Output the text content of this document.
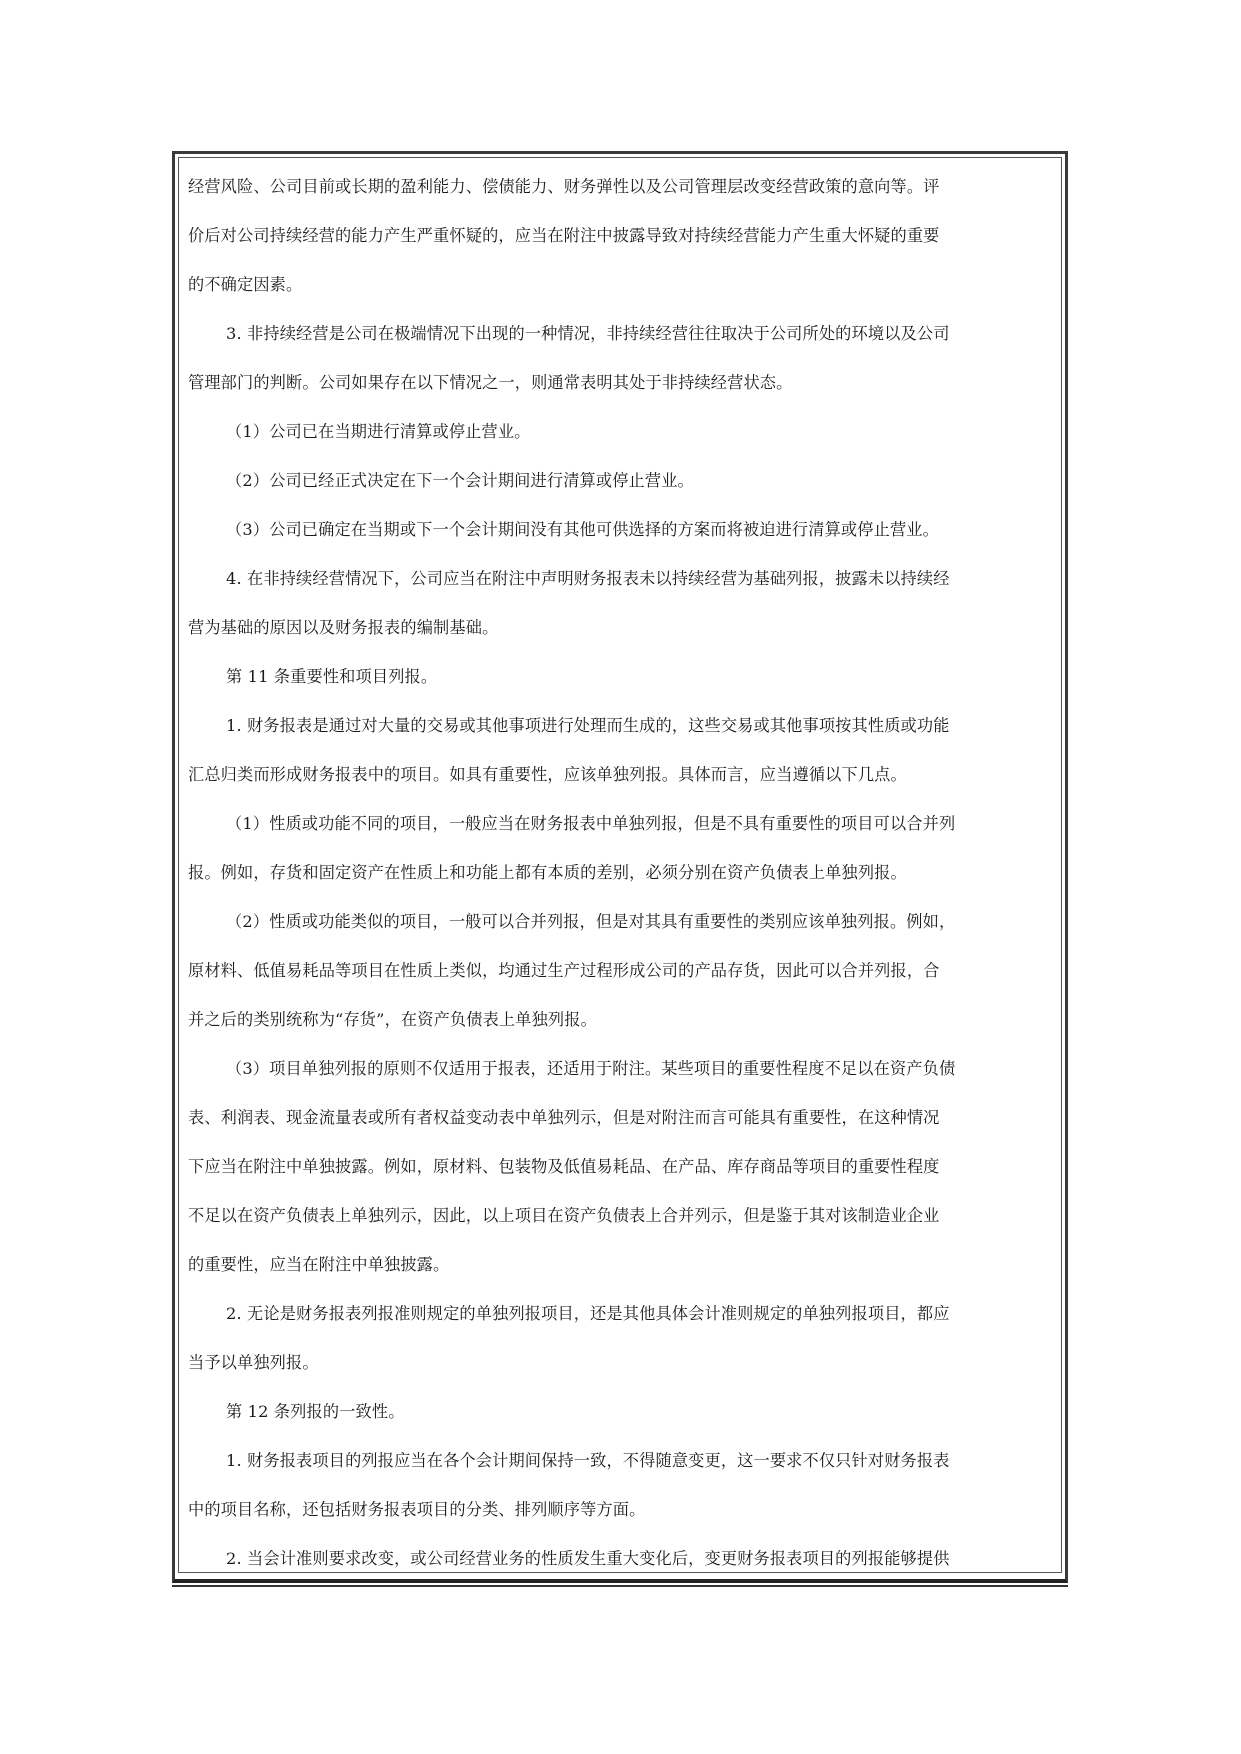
经营风险、公司目前或长期的盈利能力、偿债能力、财务弹性以及公司管理层改变经营政策的意向等。评
价后对公司持续经营的能力产生严重怀疑的，应当在附注中披露导致对持续经营能力产生重大怀疑的重要
的不确定因素。
3. 非持续经营是公司在极端情况下出现的一种情况，非持续经营往往取决于公司所处的环境以及公司
管理部门的判断。公司如果存在以下情况之一，则通常表明其处于非持续经营状态。
（1）公司已在当期进行清算或停止营业。
（2）公司已经正式决定在下一个会计期间进行清算或停止营业。
（3）公司已确定在当期或下一个会计期间没有其他可供选择的方案而将被迫进行清算或停止营业。
4. 在非持续经营情况下，公司应当在附注中声明财务报表未以持续经营为基础列报，披露未以持续经
营为基础的原因以及财务报表的编制基础。
第 11 条重要性和项目列报。
1. 财务报表是通过对大量的交易或其他事项进行处理而生成的，这些交易或其他事项按其性质或功能
汇总归类而形成财务报表中的项目。如具有重要性，应该单独列报。具体而言，应当遵循以下几点。
（1）性质或功能不同的项目，一般应当在财务报表中单独列报，但是不具有重要性的项目可以合并列
报。例如，存货和固定资产在性质上和功能上都有本质的差别，必须分别在资产负债表上单独列报。
（2）性质或功能类似的项目，一般可以合并列报，但是对其具有重要性的类别应该单独列报。例如，
原材料、低值易耗品等项目在性质上类似，均通过生产过程形成公司的产品存货，因此可以合并列报，合
并之后的类别统称为“存货”，在资产负债表上单独列报。
（3）项目单独列报的原则不仅适用于报表，还适用于附注。某些项目的重要性程度不足以在资产负债
表、利润表、现金流量表或所有者权益变动表中单独列示，但是对附注而言可能具有重要性，在这种情况
下应当在附注中单独披露。例如，原材料、包装物及低值易耗品、在产品、库存商品等项目的重要性程度
不足以在资产负债表上单独列示，因此，以上项目在资产负债表上合并列示，但是鉴于其对该制造业企业
的重要性，应当在附注中单独披露。
2. 无论是财务报表列报准则规定的单独列报项目，还是其他具体会计准则规定的单独列报项目，都应
当予以单独列报。
第 12 条列报的一致性。
1. 财务报表项目的列报应当在各个会计期间保持一致，不得随意变更，这一要求不仅只针对财务报表
中的项目名称，还包括财务报表项目的分类、排列顺序等方面。
2. 当会计准则要求改变，或公司经营业务的性质发生重大变化后，变更财务报表项目的列报能够提供
